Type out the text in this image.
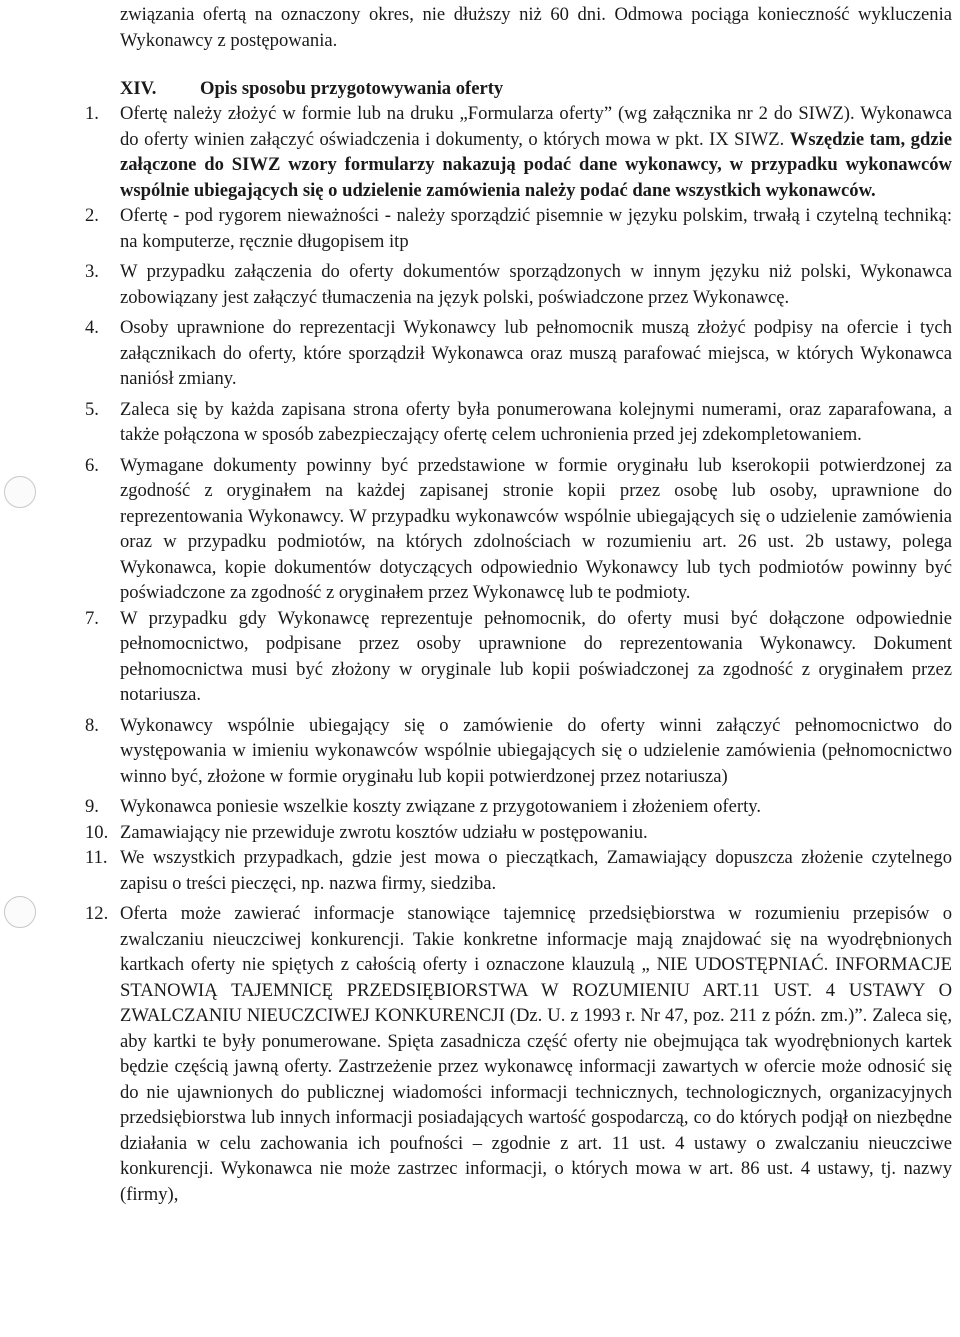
związania ofertą na oznaczony okres, nie dłuższy niż 60 dni. Odmowa pociąga konieczność wykluczenia Wykonawcy z postępowania.

XIV. Opis sposobu przygotowywania oferty
1.	Ofertę należy złożyć w formie lub na druku „Formularza oferty” (wg załącznika nr 2 do SIWZ). Wykonawca do oferty winien załączyć oświadczenia i dokumenty, o których mowa w pkt. IX SIWZ. Wszędzie tam, gdzie załączone do SIWZ wzory formularzy nakazują podać dane wykonawcy, w przypadku wykonawców wspólnie ubiegających się o udzielenie zamówienia należy podać dane wszystkich wykonawców.
2.	Ofertę - pod rygorem nieważności - należy sporządzić pisemnie w języku polskim, trwałą i czytelną techniką: na komputerze, ręcznie długopisem itp
3.	W przypadku załączenia do oferty dokumentów sporządzonych w innym języku niż polski, Wykonawca zobowiązany jest załączyć tłumaczenia na język polski, poświadczone przez Wykonawcę.
4.	Osoby uprawnione do reprezentacji Wykonawcy lub pełnomocnik muszą złożyć podpisy na ofercie i tych załącznikach do oferty, które sporządził Wykonawca oraz muszą parafować miejsca, w których Wykonawca naniósł zmiany.
5.	Zaleca się by każda zapisana strona oferty była ponumerowana kolejnymi numerami, oraz zaparafowana, a także połączona w sposób zabezpieczający ofertę celem uchronienia przed jej zdekompletowaniem.
6.	Wymagane dokumenty powinny być przedstawione w formie oryginału lub kserokopii potwierdzonej za zgodność z oryginałem na każdej zapisanej stronie kopii przez osobę lub osoby, uprawnione do reprezentowania Wykonawcy. W przypadku wykonawców wspólnie ubiegających się o udzielenie zamówienia oraz w przypadku podmiotów, na których zdolnościach w rozumieniu art. 26 ust. 2b ustawy, polega Wykonawca, kopie dokumentów dotyczących odpowiednio Wykonawcy lub tych podmiotów powinny być poświadczone za zgodność z oryginałem przez Wykonawcę lub te podmioty.
7.	W przypadku gdy Wykonawcę reprezentuje pełnomocnik, do oferty musi być dołączone odpowiednie pełnomocnictwo, podpisane przez osoby uprawnione do reprezentowania Wykonawcy. Dokument pełnomocnictwa musi być złożony w oryginale lub kopii poświadczonej za zgodność z oryginałem przez notariusza.
8.	Wykonawcy wspólnie ubiegający się o zamówienie do oferty winni załączyć pełnomocnictwo do występowania w imieniu wykonawców wspólnie ubiegających się o udzielenie zamówienia (pełnomocnictwo winno być, złożone w formie oryginału lub kopii potwierdzonej przez notariusza)
9.	Wykonawca poniesie wszelkie koszty związane z przygotowaniem i złożeniem oferty.
10. Zamawiający nie przewiduje zwrotu kosztów udziału w postępowaniu.
11. We wszystkich przypadkach, gdzie jest mowa o pieczątkach, Zamawiający dopuszcza złożenie czytelnego zapisu o treści pieczęci, np. nazwa firmy, siedziba.
12. Oferta może zawierać informacje stanowiące tajemnicę przedsiębiorstwa w rozumieniu przepisów o zwalczaniu nieuczciwej konkurencji. Takie konkretne informacje mają znajdować się na wyodrębnionych kartkach oferty nie spiętych z całością oferty i oznaczone klauzulą „ NIE UDOSTĘPNIAĆ. INFORMACJE STANOWIĄ TAJEMNICĘ PRZEDSIĘBIORSTWA W ROZUMIENIU ART.11 UST. 4 USTAWY O ZWALCZANIU NIEUCZCIWEJ KONKURENCJI (Dz. U. z 1993 r. Nr 47, poz. 211 z późn. zm.)”. Zaleca się, aby kartki te były ponumerowane. Spięta zasadnicza część oferty nie obejmująca tak wyodrębnionych kartek będzie częścią jawną oferty. Zastrzeżenie przez wykonawcę informacji zawartych w ofercie może odnosić się do nie ujawnionych do publicznej wiadomości informacji technicznych, technologicznych, organizacyjnych przedsiębiorstwa lub innych informacji posiadających wartość gospodarczą, co do których podjął on niezbędne działania w celu zachowania ich poufności – zgodnie z art. 11 ust. 4 ustawy o zwalczaniu nieuczciwe konkurencji. Wykonawca nie może zastrzec informacji, o których mowa w art. 86 ust. 4 ustawy, tj. nazwy (firmy),
